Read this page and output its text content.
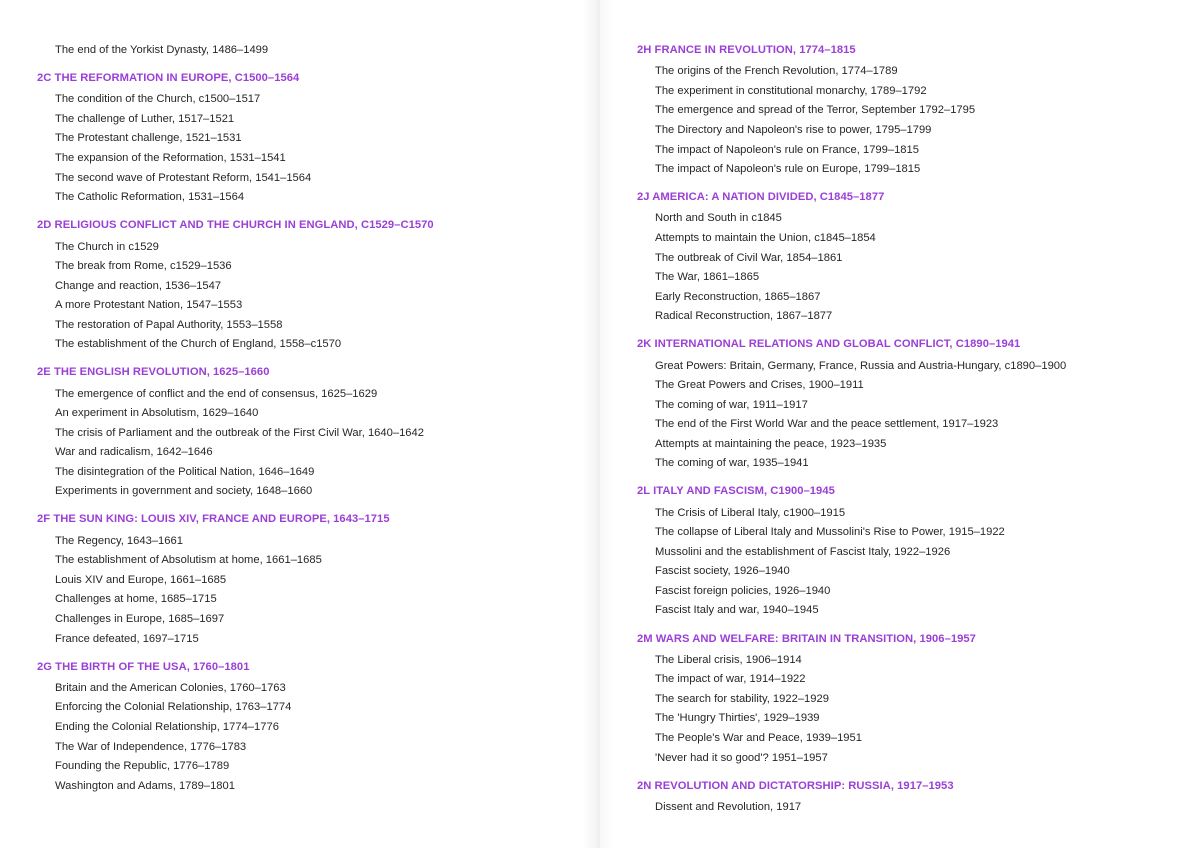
The end of the Yorkist Dynasty, 1486–1499
2C THE REFORMATION IN EUROPE, C1500–1564
The condition of the Church, c1500–1517
The challenge of Luther, 1517–1521
The Protestant challenge, 1521–1531
The expansion of the Reformation, 1531–1541
The second wave of Protestant Reform, 1541–1564
The Catholic Reformation, 1531–1564
2D RELIGIOUS CONFLICT AND THE CHURCH IN ENGLAND, C1529–C1570
The Church in c1529
The break from Rome, c1529–1536
Change and reaction, 1536–1547
A more Protestant Nation, 1547–1553
The restoration of Papal Authority, 1553–1558
The establishment of the Church of England, 1558–c1570
2E THE ENGLISH REVOLUTION, 1625–1660
The emergence of conflict and the end of consensus, 1625–1629
An experiment in Absolutism, 1629–1640
The crisis of Parliament and the outbreak of the First Civil War, 1640–1642
War and radicalism, 1642–1646
The disintegration of the Political Nation, 1646–1649
Experiments in government and society, 1648–1660
2F THE SUN KING: LOUIS XIV, FRANCE AND EUROPE, 1643–1715
The Regency, 1643–1661
The establishment of Absolutism at home, 1661–1685
Louis XIV and Europe, 1661–1685
Challenges at home, 1685–1715
Challenges in Europe, 1685–1697
France defeated, 1697–1715
2G THE BIRTH OF THE USA, 1760–1801
Britain and the American Colonies, 1760–1763
Enforcing the Colonial Relationship, 1763–1774
Ending the Colonial Relationship, 1774–1776
The War of Independence, 1776–1783
Founding the Republic, 1776–1789
Washington and Adams, 1789–1801
2H FRANCE IN REVOLUTION, 1774–1815
The origins of the French Revolution, 1774–1789
The experiment in constitutional monarchy, 1789–1792
The emergence and spread of the Terror, September 1792–1795
The Directory and Napoleon's rise to power, 1795–1799
The impact of Napoleon's rule on France, 1799–1815
The impact of Napoleon's rule on Europe, 1799–1815
2J AMERICA: A NATION DIVIDED, C1845–1877
North and South in c1845
Attempts to maintain the Union, c1845–1854
The outbreak of Civil War, 1854–1861
The War, 1861–1865
Early Reconstruction, 1865–1867
Radical Reconstruction, 1867–1877
2K INTERNATIONAL RELATIONS AND GLOBAL CONFLICT, C1890–1941
Great Powers: Britain, Germany, France, Russia and Austria-Hungary, c1890–1900
The Great Powers and Crises, 1900–1911
The coming of war, 1911–1917
The end of the First World War and the peace settlement, 1917–1923
Attempts at maintaining the peace, 1923–1935
The coming of war, 1935–1941
2L ITALY AND FASCISM, C1900–1945
The Crisis of Liberal Italy, c1900–1915
The collapse of Liberal Italy and Mussolini's Rise to Power, 1915–1922
Mussolini and the establishment of Fascist Italy, 1922–1926
Fascist society, 1926–1940
Fascist foreign policies, 1926–1940
Fascist Italy and war, 1940–1945
2M WARS AND WELFARE: BRITAIN IN TRANSITION, 1906–1957
The Liberal crisis, 1906–1914
The impact of war, 1914–1922
The search for stability, 1922–1929
The 'Hungry Thirties', 1929–1939
The People's War and Peace, 1939–1951
'Never had it so good'? 1951–1957
2N REVOLUTION AND DICTATORSHIP: RUSSIA, 1917–1953
Dissent and Revolution, 1917
